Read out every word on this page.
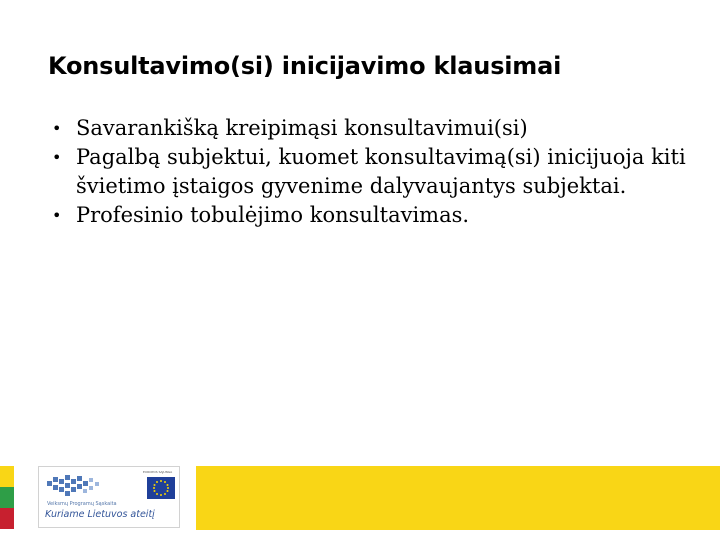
Konsultavimo(si) inicijavimo klausimai
• Savarankišką kreipimąsi konsultavimui(si)
• Pagalbą subjektui, kuomet konsultavimą(si) inicijuoja kiti švietimo įstaigos gyvenime dalyvaujantys subjektai.
• Profesinio tobulėjimo konsultavimas.
Veiksmų Programų Sąskaita
EUROPOS SĄJUNGA
Kuriame Lietuvos ateitį
